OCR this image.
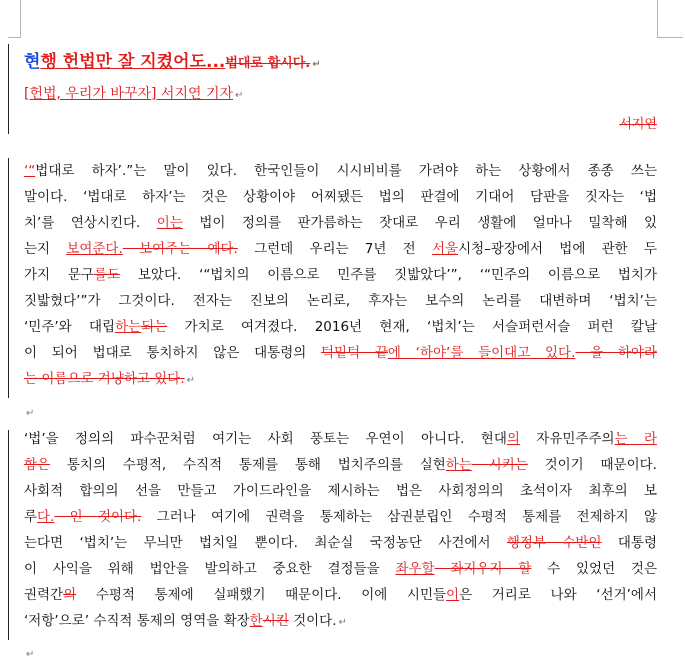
현행 헌법만 잘 지켰어도...법대로 합시다. ↵
[헌법, 우리가 바꾸자] 서지연 기자 ↵
서지연
‘“법대로 하자’.”는 말이 있다. 한국인들이 시시비비를 가려야 하는 상황에서 종종 쓰는
말이다. ‘법대로 하자’는 것은 상황이야 어찌됐든 법의 판결에 기대어 담판을 짓자는 ‘법
치’를 연상시킨다. 이는 법이 정의를 판가름하는 잣대로 우리 생활에 얼마나 밀착해 있
는지 보여준다. 보여주는 예다. 그런데 우리는 7년 전 서울시청–광장에서 법에 관한 두
가지 문구를도 보았다. ‘“법치의 이름으로 민주를 짓밟았다’”, ‘“민주의 이름으로 법치가
짓밟혔다’”가 그것이다. 전자는 진보의 논리로, 후자는 보수의 논리를 대변하며 ‘법치’는
‘민주’와 대립하는되는 가치로 여겨졌다. 2016년 현재, ‘법치’는 서슬퍼런서슬 퍼런 칼날
이 되어 법대로 통치하지 않은 대통령의 턱밑턱 끝에 ‘하야’를 들이대고 있다. 을 하야라
는 이름으로 겨냥하고 있다. ↵
↵
‘법’을 정의의 파수꾼처럼 여기는 사회 풍토는 우연이 아니다. 현대의 자유민주주의는 라
함은 통치의 수평적, 수직적 통제를 통해 법치주의를 실현하는 시키는 것이기 때문이다.
사회적 합의의 선을 만들고 가이드라인을 제시하는 법은 사회정의의 초석이자 최후의 보
루다. 인 것이다. 그러나 여기에 권력을 통제하는 삼권분립인 수평적 통제를 전제하지 않
는다면 ‘법치’는 무늬만 법치일 뿐이다. 최순실 국정농단 사건에서 행정부 수반인 대통령
이 사익을 위해 법안을 발의하고 중요한 결정들을 좌우할 좌지우지 할 수 있었던 것은
권력간의 수평적 통제에 실패했기 때문이다. 이에 시민들이은 거리로 나와 ‘선거’에서
‘저항’으로’ 수직적 통제의 영역을 확장한시킨 것이다. ↵
↵
